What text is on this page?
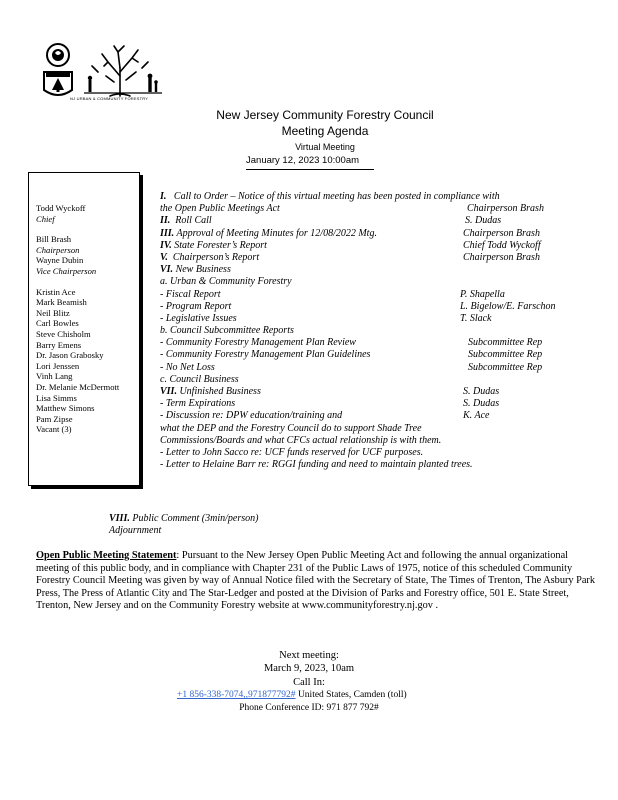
NJ URBAN & COMMUNITY FORESTRY
New Jersey Community Forestry Council
Meeting Agenda
Virtual Meeting
January 12, 2023 10:00am
Todd Wyckoff
Chief
Bill Brash
Chairperson
Wayne Dubin
Vice Chairperson
Kristin Ace
Mark Beamish
Neil Blitz
Carl Bowles
Steve Chisholm
Barry Emens
Dr. Jason Grabosky
Lori Jenssen
Vinh Lang
Dr. Melanie McDermott
Lisa Simms
Matthew Simons
Pam Zipse
Vacant (3)
I. Call to Order – Notice of this virtual meeting has been posted in compliance with
the Open Public Meetings Act	Chairperson Brash
II. Roll Call	S. Dudas
III. Approval of Meeting Minutes for 12/08/2022 Mtg.	Chairperson Brash
IV. State Forester’s Report	Chief Todd Wyckoff
V. Chairperson’s Report	Chairperson Brash
VI. New Business
a. Urban & Community Forestry
- Fiscal Report	P. Shapella
- Program Report	L. Bigelow/E. Farschon
- Legislative Issues	T. Slack
b. Council Subcommittee Reports
- Community Forestry Management Plan Review	Subcommittee Rep
- Community Forestry Management Plan Guidelines	Subcommittee Rep
- No Net Loss	Subcommittee Rep
c. Council Business
VII. Unfinished Business	S. Dudas
- Term Expirations	S. Dudas
- Discussion re: DPW education/training and	K. Ace
what the DEP and the Forestry Council do to support Shade Tree
Commissions/Boards and what CFCs actual relationship is with them.
- Letter to John Sacco re: UCF funds reserved for UCF purposes.
- Letter to Helaine Barr re: RGGI funding and need to maintain planted trees.
VIII. Public Comment (3min/person)
Adjournment
Open Public Meeting Statement: Pursuant to the New Jersey Open Public Meeting Act and following the annual organizational meeting of this public body, and in compliance with Chapter 231 of the Public Laws of 1975, notice of this scheduled Community Forestry Council Meeting was given by way of Annual Notice filed with the Secretary of State, The Times of Trenton, The Asbury Park Press, The Press of Atlantic City and The Star-Ledger and posted at the Division of Parks and Forestry office, 501 E. State Street, Trenton, New Jersey and on the Community Forestry website at www.communityforestry.nj.gov .
Next meeting:
March 9, 2023, 10am
Call In:
+1 856-338-7074,,971877792# United States, Camden (toll)
Phone Conference ID: 971 877 792#
